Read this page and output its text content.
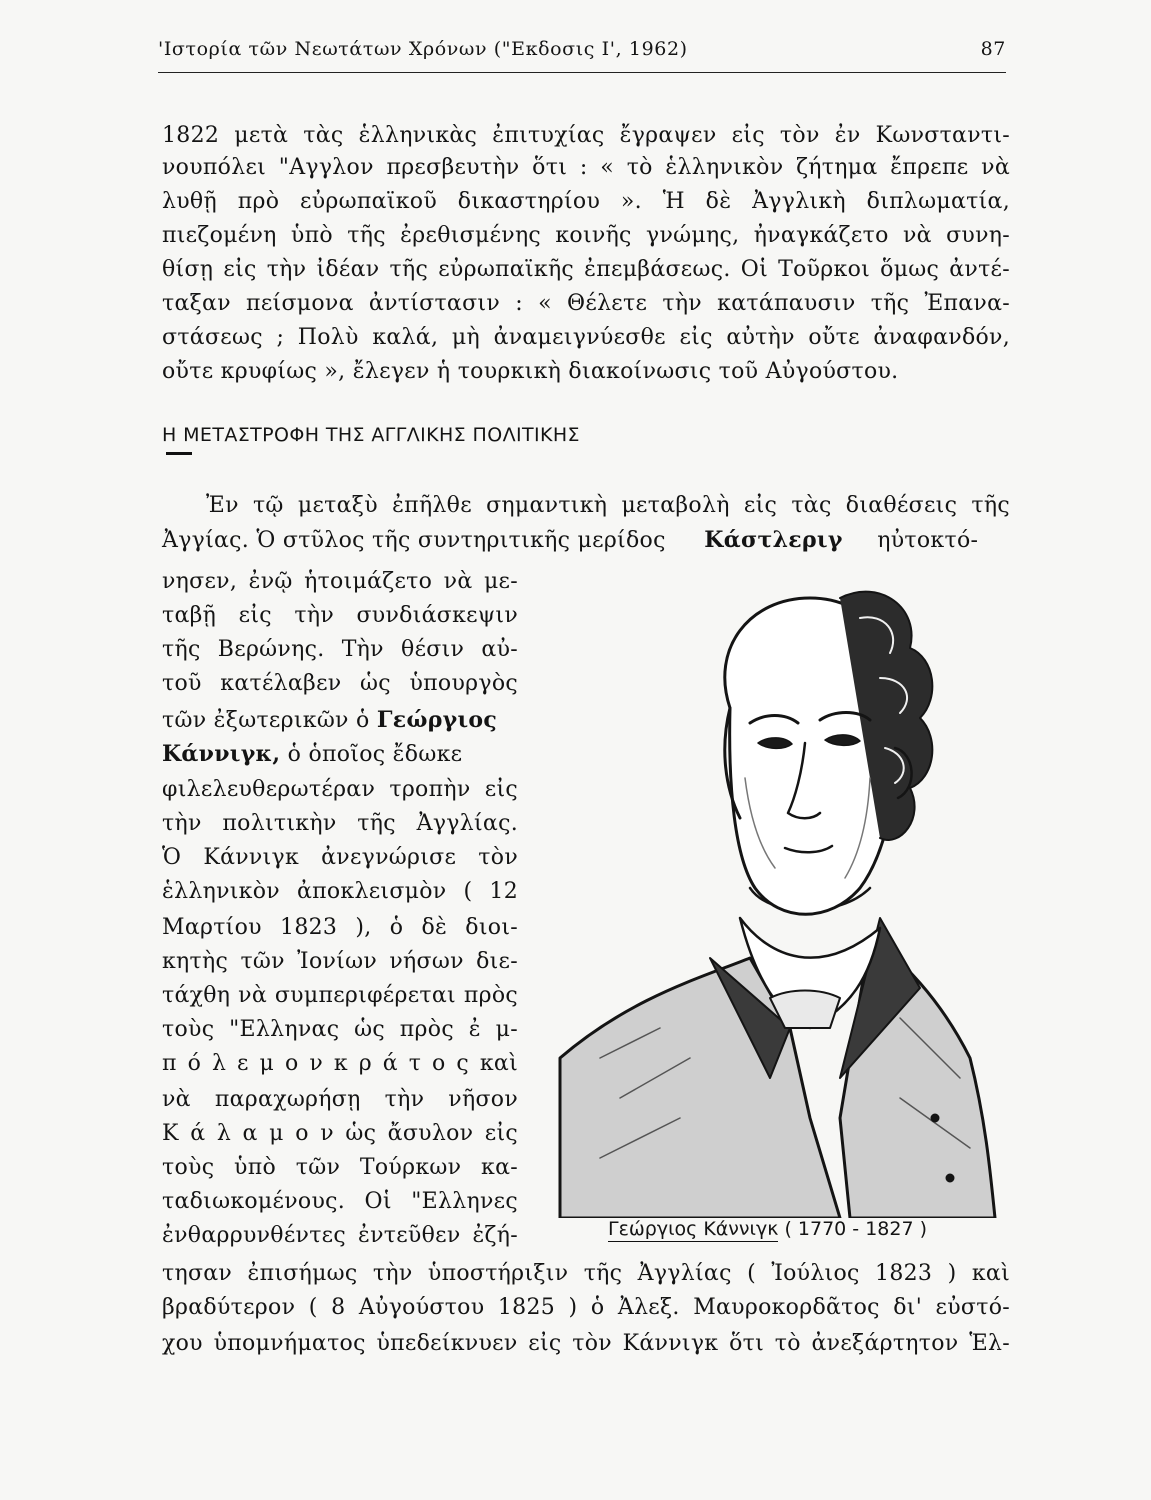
'Ιστορία τῶν Νεωτάτων Χρόνων ("Εκδοσις Ι', 1962)	87
1822 μετὰ τὰς ἑλληνικὰς ἐπιτυχίας ἔγραψεν εἰς τὸν ἐν Κωνσταντι-
νουπόλει "Αγγλον πρεσβευτὴν ὅτι : « τὸ ἑλληνικὸν ζήτημα ἔπρεπε νὰ
λυθῇ πρὸ εὐρωπαϊκοῦ δικαστηρίου ». Ἡ δὲ Ἀγγλικὴ διπλωματία,
πιεζομένη ὑπὸ τῆς ἐρεθισμένης κοινῆς γνώμης, ἠναγκάζετο νὰ συνη-
θίσῃ εἰς τὴν ἰδέαν τῆς εὐρωπαϊκῆς ἐπεμβάσεως. Οἱ Τοῦρκοι ὅμως ἀντέ-
ταξαν πείσμονα ἀντίστασιν : « Θέλετε τὴν κατάπαυσιν τῆς Ἐπανα-
στάσεως ; Πολὺ καλά, μὴ ἀναμειγνύεσθε εἰς αὐτὴν οὔτε ἀναφανδόν,
οὔτε κρυφίως », ἔλεγεν ἡ τουρκικὴ διακοίνωσις τοῦ Αὐγούστου.
Η ΜΕΤΑΣΤΡΟΦΗ ΤΗΣ ΑΓΓΛΙΚΗΣ ΠΟΛΙΤΙΚΗΣ
Ἐν τῷ μεταξὺ ἐπῆλθε σημαντικὴ μεταβολὴ εἰς τὰς διαθέσεις τῆς
Ἀγγίας. Ὁ στῦλος τῆς συντηριτικῆς μερίδος Κάστλεριγ ηὐτοκτό-
νησεν, ἐνῷ ἡτοιμάζετο νὰ με-
ταβῇ εἰς τὴν συνδιάσκεψιν
τῆς Βερώνης. Τὴν θέσιν αὐ-
τοῦ κατέλαβεν ὡς ὑπουργὸς
τῶν ἐξωτερικῶν ὁ Γεώργιος
Κάννιγκ, ὁ ὁποῖος ἔδωκε
φιλελευθερωτέραν τροπὴν εἰς
τὴν πολιτικὴν τῆς Ἀγγλίας.
Ὁ Κάννιγκ ἀνεγνώρισε τὸν
ἑλληνικὸν ἀποκλεισμὸν ( 12
Μαρτίου 1823 ), ὁ δὲ διοι-
κητὴς τῶν Ἰονίων νήσων διε-
τάχθη νὰ συμπεριφέρεται πρὸς
τοὺς "Ελληνας ὡς πρὸς ἐ μ-
π ό λ ε μ ο ν κ ρ ά τ ο ς καὶ
νὰ παραχωρήσῃ τὴν νῆσον
Κ ά λ α μ ο ν ὡς ἄσυλον εἰς
τοὺς ὑπὸ τῶν Τούρκων κα-
ταδιωκομένους. Οἱ "Ελληνες
ἐνθαρρυνθέντες ἐντεῦθεν ἐζή-
τησαν ἐπισήμως τὴν ὑποστήριξιν τῆς Ἀγγλίας ( Ἰούλιος 1823 ) καὶ
βραδύτερον ( 8 Αὐγούστου 1825 ) ὁ Ἀλεξ. Μαυροκορδᾶτος δι' εὐστό-
χου ὑπομνήματος ὑπεδείκνυεν εἰς τὸν Κάννιγκ ὅτι τὸ ἀνεξάρτητον Ἑλ-
Γεώργιος Κάννιγκ ( 1770 - 1827 )
